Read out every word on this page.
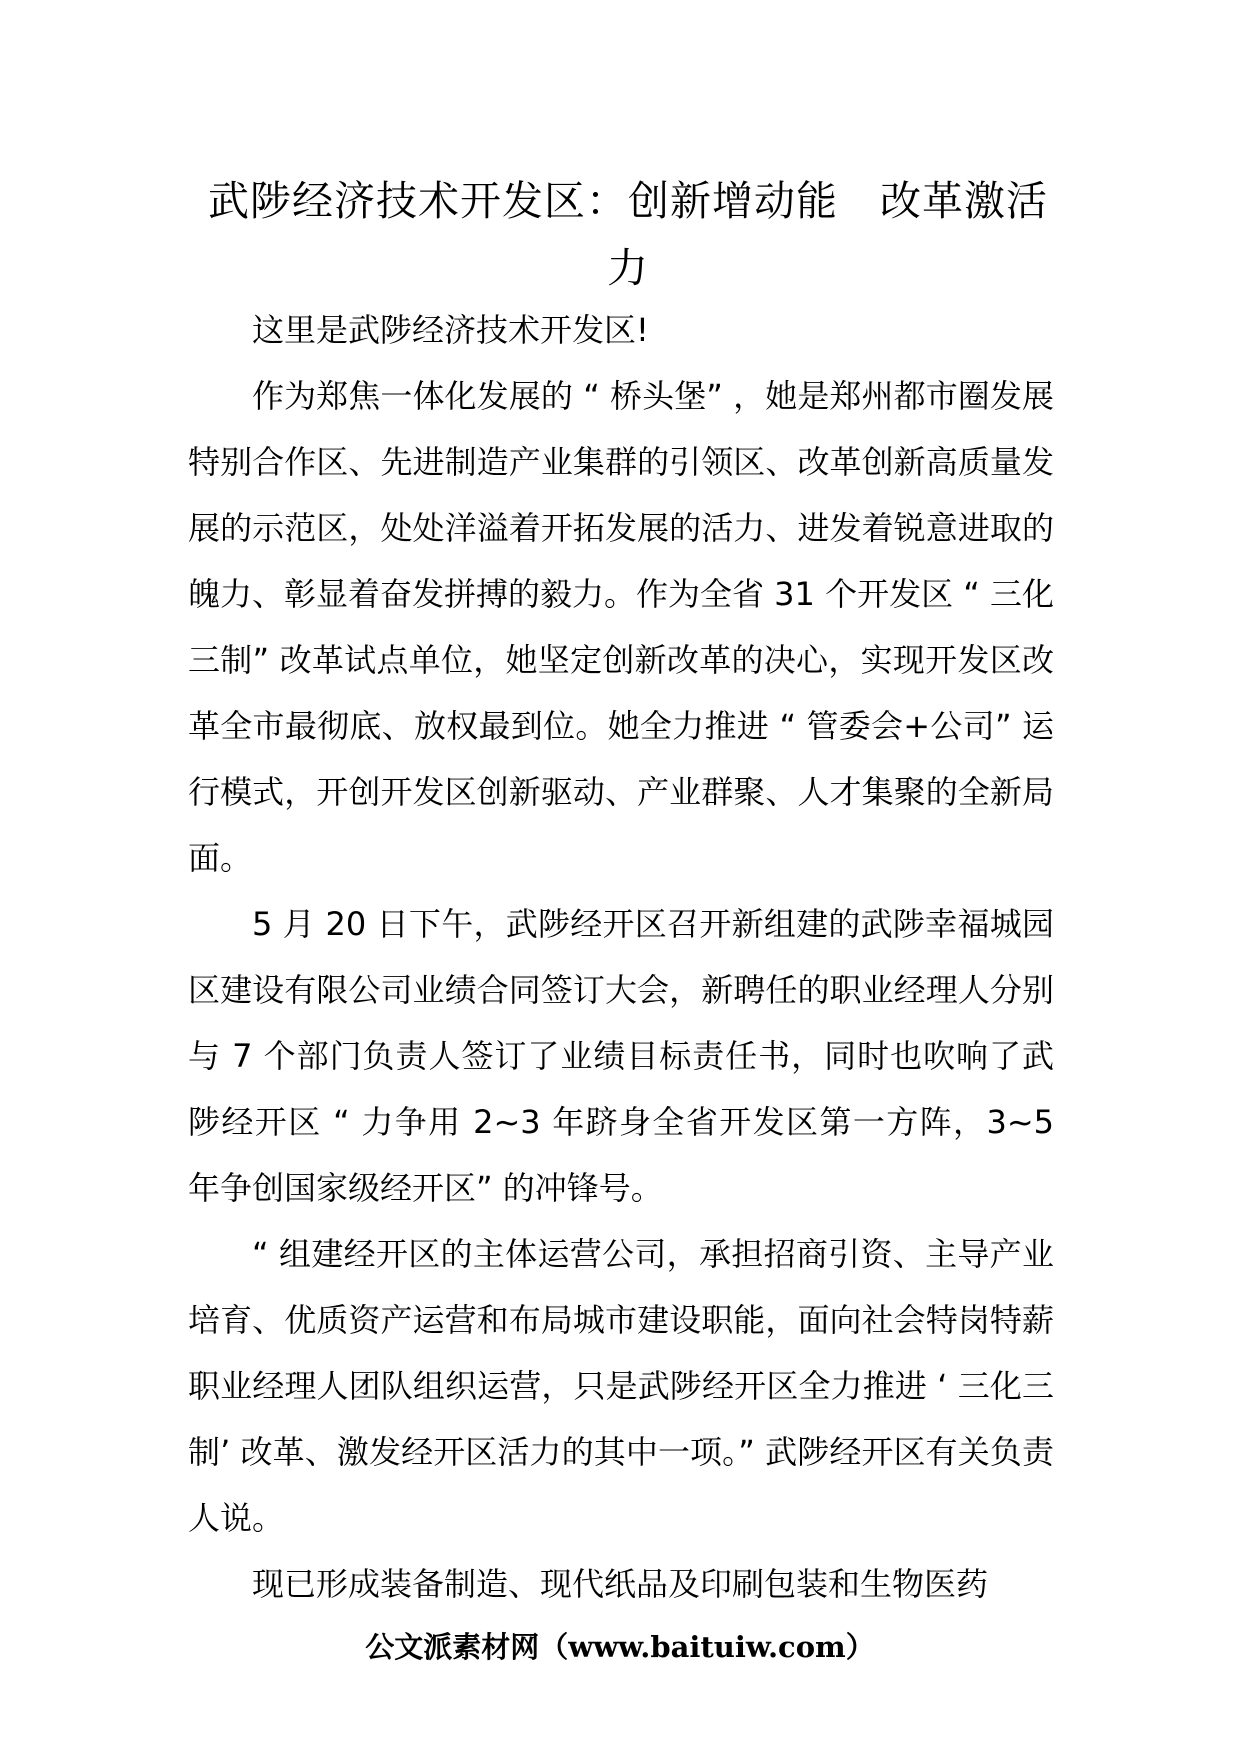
武陟经济技术开发区：创新增动能　改革激活力

这里是武陟经济技术开发区!

作为郑焦一体化发展的 “ 桥头堡” ，她是郑州都市圈发展特别合作区、先进制造产业集群的引领区、改革创新高质量发展的示范区，处处洋溢着开拓发展的活力、进发着锐意进取的魄力、彰显着奋发拼搏的毅力。作为全省 31 个开发区 “ 三化三制” 改革试点单位，她坚定创新改革的决心，实现开发区改革全市最彻底、放权最到位。她全力推进 “ 管委会+公司” 运行模式，开创开发区创新驱动、产业群聚、人才集聚的全新局面。

5 月 20 日下午，武陟经开区召开新组建的武陟幸福城园区建设有限公司业绩合同签订大会，新聘任的职业经理人分别与 7 个部门负责人签订了业绩目标责任书，同时也吹响了武陟经开区 “ 力争用 2~3 年跻身全省开发区第一方阵，3~5 年争创国家级经开区” 的冲锋号。

“ 组建经开区的主体运营公司，承担招商引资、主导产业培育、优质资产运营和布局城市建设职能，面向社会特岗特薪职业经理人团队组织运营，只是武陟经开区全力推进 ‘ 三化三制’ 改革、激发经开区活力的其中一项。” 武陟经开区有关负责人说。

现已形成装备制造、现代纸品及印刷包装和生物医药

公文派素材网（www.baituiw.com）
